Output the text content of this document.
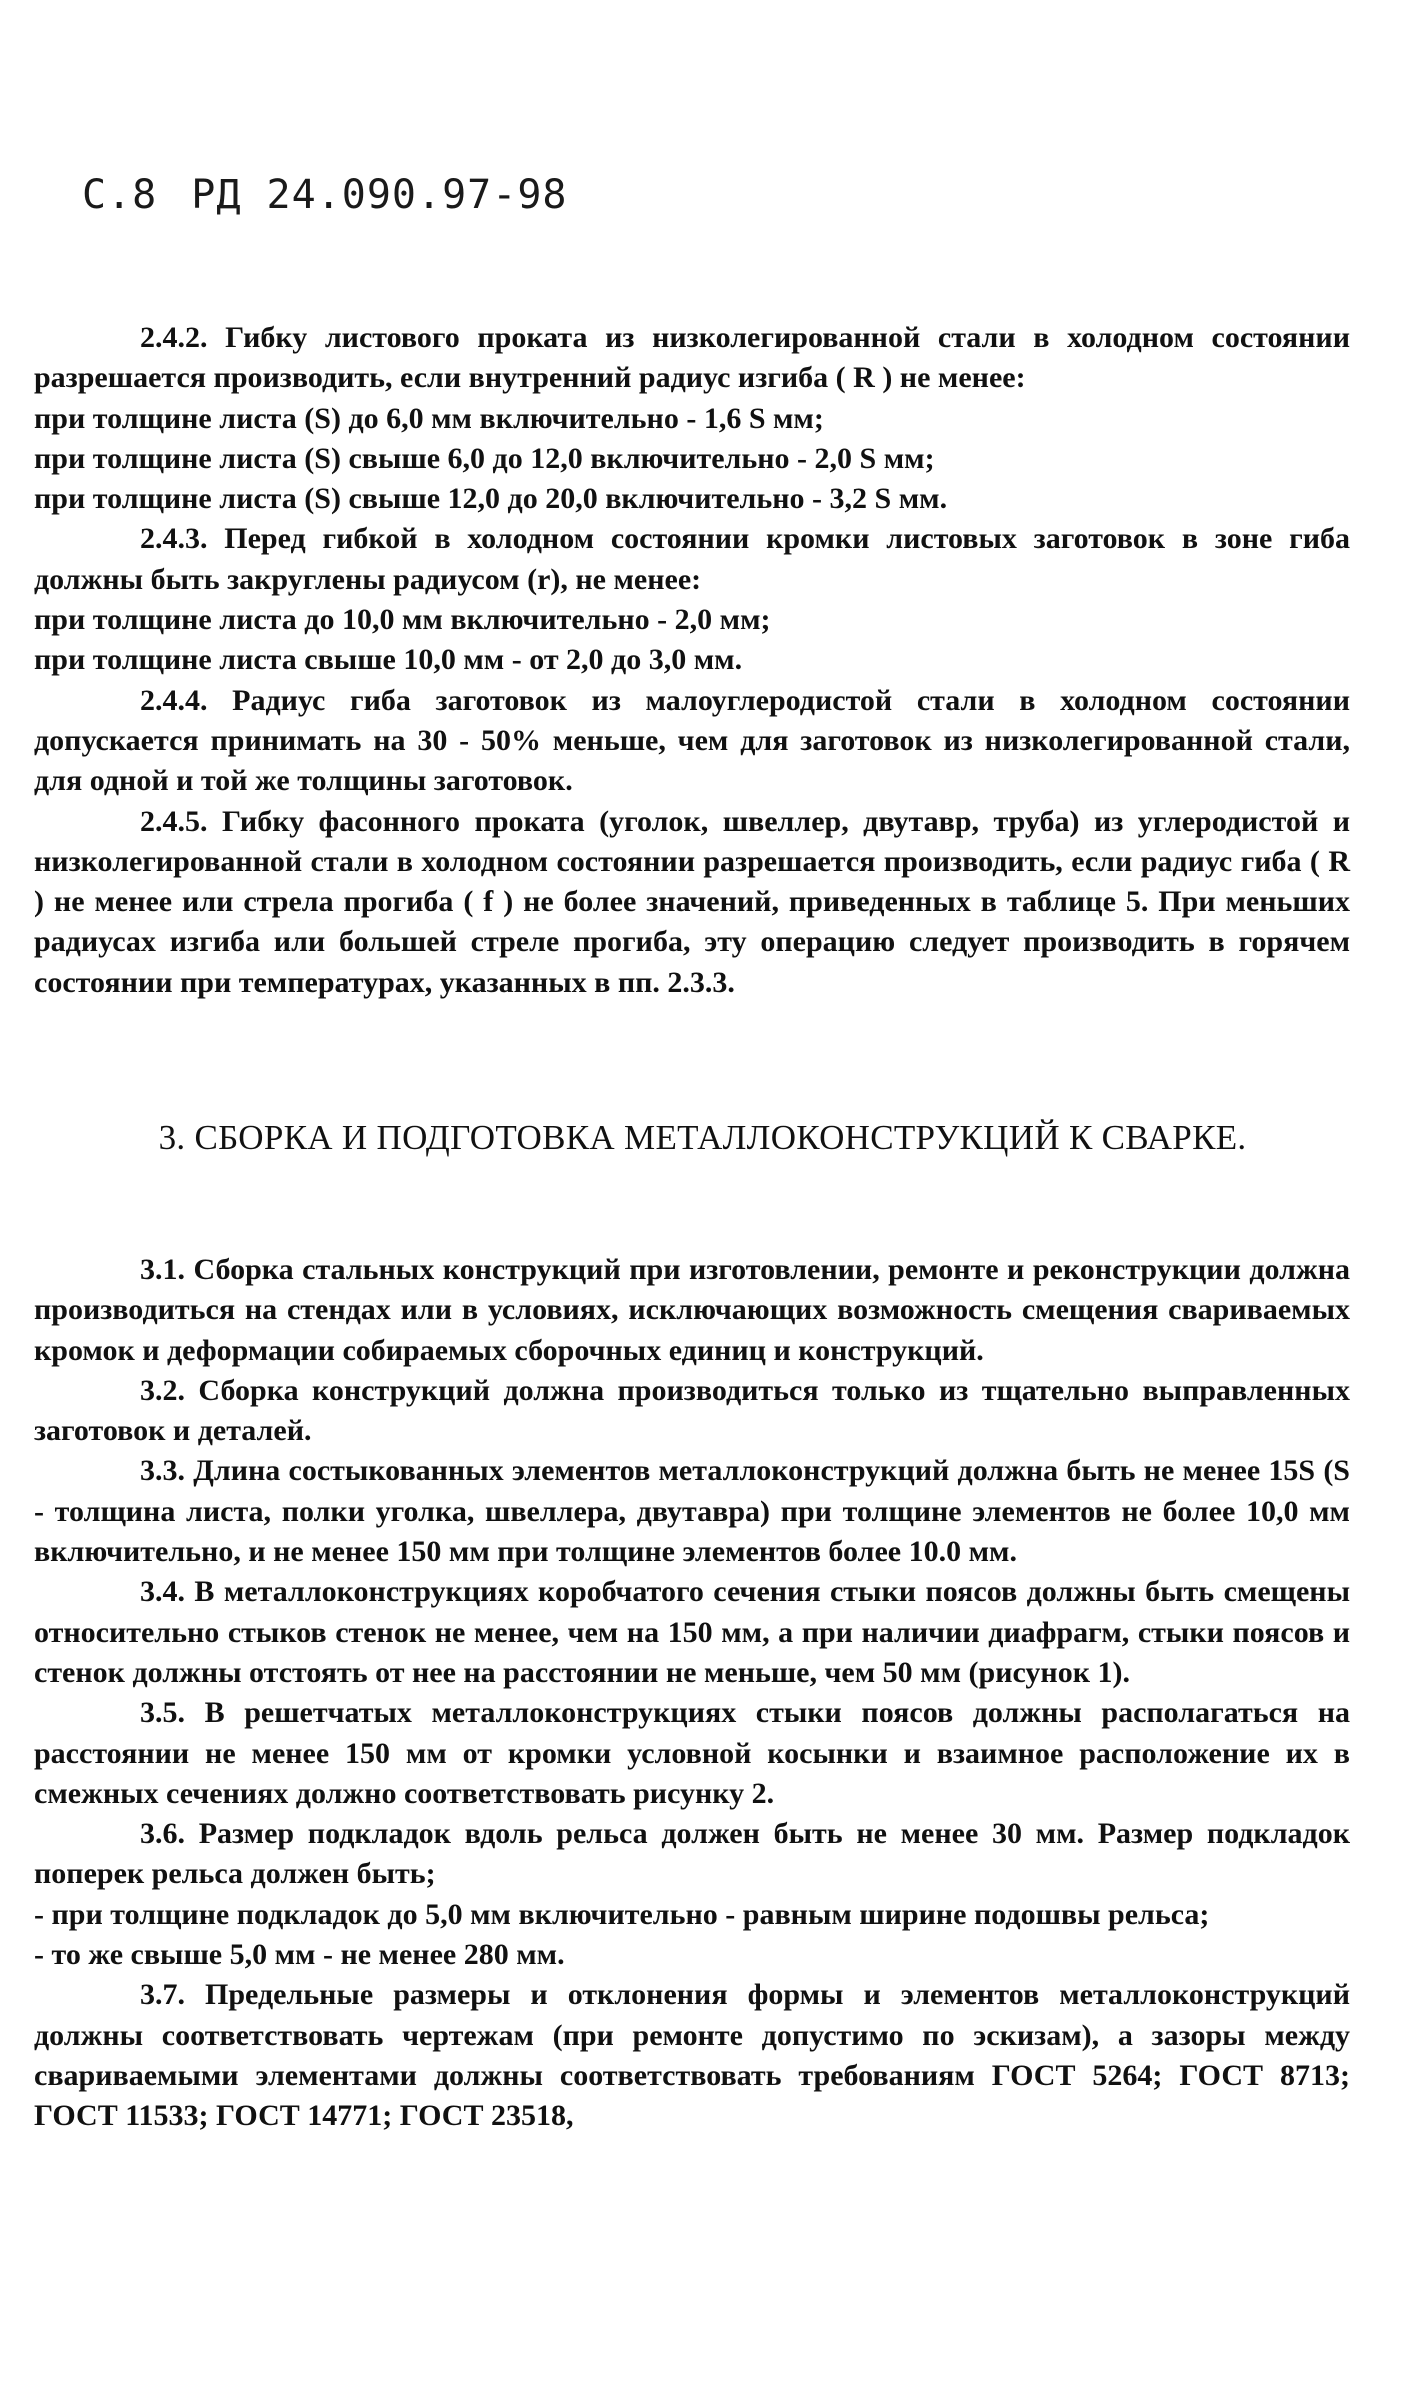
С.8 РД 24.090.97-98

2.4.2. Гибку листового проката из низколегированной стали в холодном состоянии разрешается производить, если внутренний радиус изгиба ( R ) не менее:

при толщине листа (S) до 6,0 мм включительно - 1,6 S мм;

при толщине листа (S) свыше 6,0 до 12,0 включительно - 2,0 S мм;

при толщине листа (S) свыше 12,0 до 20,0 включительно - 3,2 S мм.

2.4.3. Перед гибкой в холодном состоянии кромки листовых заготовок в зоне гиба должны быть закруглены радиусом (r), не менее:

при толщине листа до 10,0 мм включительно - 2,0 мм;

при толщине листа свыше 10,0 мм - от 2,0 до 3,0 мм.

2.4.4. Радиус гиба заготовок из малоуглеродистой стали в холодном состоянии допускается принимать на 30 - 50% меньше, чем для заготовок из низколегированной стали, для одной и той же толщины заготовок.

2.4.5. Гибку фасонного проката (уголок, швеллер, двутавр, труба) из углеродистой и низколегированной стали в холодном состоянии разрешается производить, если радиус гиба ( R ) не менее или стрела прогиба ( f ) не более значений, приведенных в таблице 5. При меньших радиусах изгиба или большей стреле прогиба, эту операцию следует производить в горячем состоянии при температурах, указанных в пп. 2.3.3.

3. СБОРКА И ПОДГОТОВКА МЕТАЛЛОКОНСТРУКЦИЙ К СВАРКЕ.

3.1. Сборка стальных конструкций при изготовлении, ремонте и реконструкции должна производиться на стендах или в условиях, исключающих возможность смещения свариваемых кромок и деформации собираемых сборочных единиц и конструкций.

3.2. Сборка конструкций должна производиться только из тщательно выправленных заготовок и деталей.

3.3. Длина состыкованных элементов металлоконструкций должна быть не менее 15S (S - толщина листа, полки уголка, швеллера, двутавра) при толщине элементов не более 10,0 мм включительно, и не менее 150 мм при толщине элементов более 10.0 мм.

3.4. В металлоконструкциях коробчатого сечения стыки поясов должны быть смещены относительно стыков стенок не менее, чем на 150 мм, а при наличии диафрагм, стыки поясов и стенок должны отстоять от нее на расстоянии не меньше, чем 50 мм (рисунок 1).

3.5. В решетчатых металлоконструкциях стыки поясов должны располагаться на расстоянии не менее 150 мм от кромки условной косынки и взаимное расположение их в смежных сечениях должно соответствовать рисунку 2.

3.6. Размер подкладок вдоль рельса должен быть не менее 30 мм. Размер подкладок поперек рельса должен быть;

- при толщине подкладок до 5,0 мм включительно - равным ширине подошвы рельса;

- то же свыше 5,0 мм - не менее 280 мм.

3.7. Предельные размеры и отклонения формы и элементов металлоконструкций должны соответствовать чертежам (при ремонте допустимо по эскизам), а зазоры между свариваемыми элементами должны соответствовать требованиям ГОСТ 5264; ГОСТ 8713; ГОСТ 11533; ГОСТ 14771; ГОСТ 23518,
